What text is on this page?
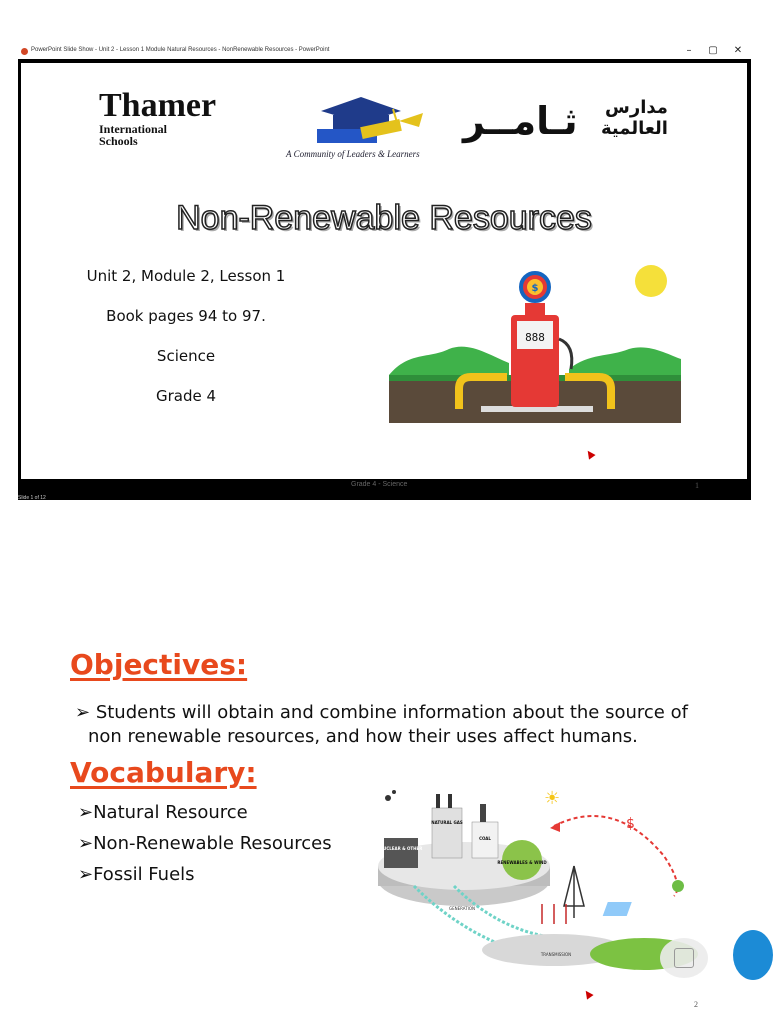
PowerPoint Slide Show - Unit 2 - Lesson 1 Module Natural Resources - NonRenewable Resources - PowerPoint	–	▢	✕
Thamer
International
Schools
A Community of Leaders & Learners
مدارس
العالمية
ثـامــر
Non-Renewable Resources
Unit 2, Module 2, Lesson 1
Book pages 94 to 97.
Science
Grade 4
888
$
Grade 4 - Science	1
Slide 1 of 12
Objectives:
➢ Students will obtain and combine information about the source of
non renewable resources, and how their uses affect humans.
Vocabulary:
➢Natural Resource
➢Non-Renewable Resources
➢Fossil Fuels
GENERATION
NUCLEAR & OTHER
NATURAL GAS
COAL
RENEWABLES & WIND
☀
$
TRANSMISSION
2
